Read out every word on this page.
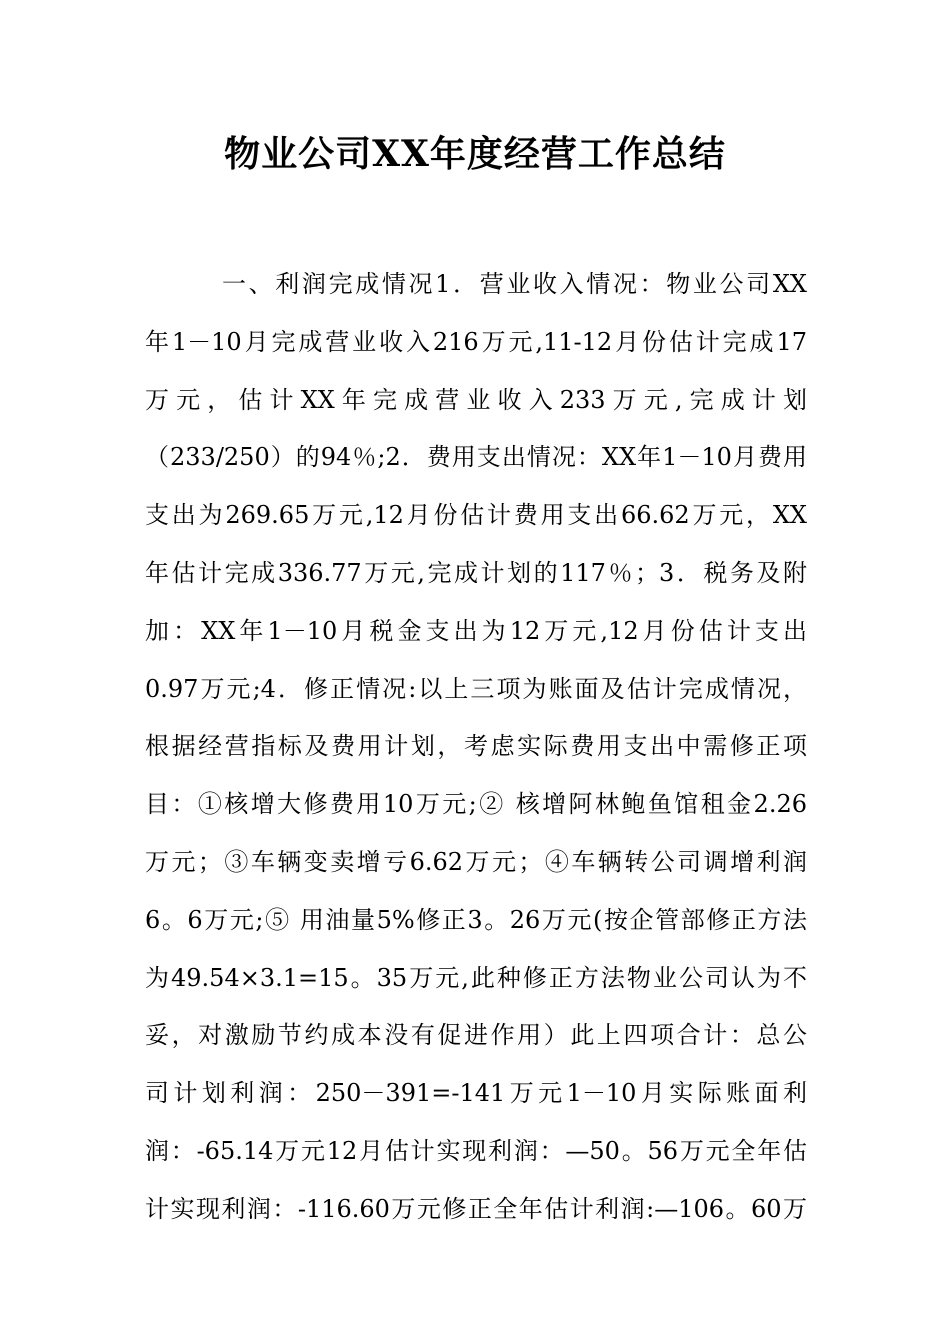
物业公司XX年度经营工作总结
一、利润完成情况1．营业收入情况：物业公司XX
年1－10月完成营业收入216万元,11-12月份估计完成17
万元，估计XX年完成营业收入233万元,完成计划
（233/250）的94％;2．费用支出情况：XX年1－10月费用
支出为269.65万元,12月份估计费用支出66.62万元，XX
年估计完成336.77万元,完成计划的117％；3．税务及附
加：XX年1－10月税金支出为12万元,12月份估计支出
0.97万元;4．修正情况:以上三项为账面及估计完成情况，
根据经营指标及费用计划，考虑实际费用支出中需修正项
目：①核增大修费用10万元;② 核增阿林鲍鱼馆租金2.26
万元；③车辆变卖增亏6.62万元；④车辆转公司调增利润
6。6万元;⑤ 用油量5%修正3。26万元(按企管部修正方法
为49.54×3.1=15。35万元,此种修正方法物业公司认为不
妥，对激励节约成本没有促进作用）此上四项合计：总公
司计划利润：250－391=-141万元1－10月实际账面利
润：-65.14万元12月估计实现利润：—50。56万元全年估
计实现利润：-116.60万元修正全年估计利润:—106。60万
